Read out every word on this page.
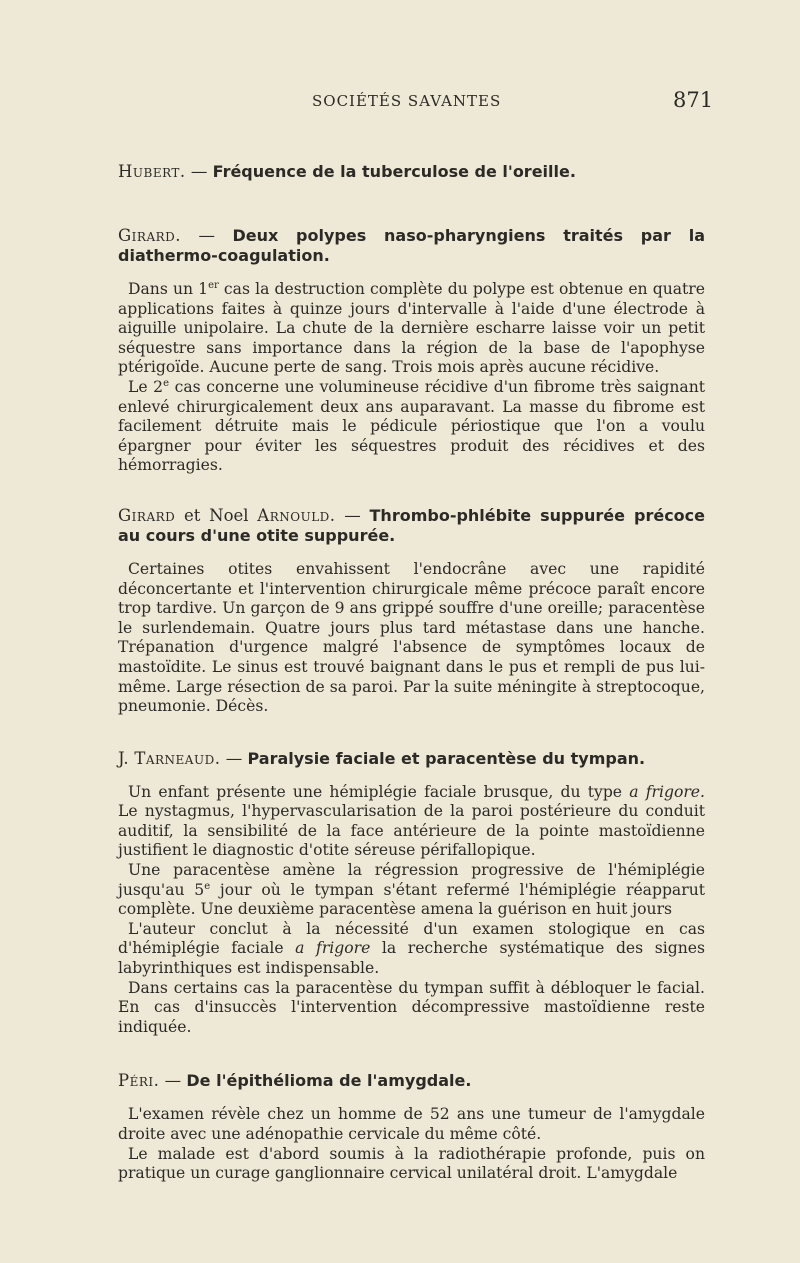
SOCIÉTÉS SAVANTES	871
Hubert. — Fréquence de la tuberculose de l'oreille.
Girard. — Deux polypes naso-pharyngiens traités par la diathermo-coagulation.

Dans un 1er cas la destruction complète du polype est obtenue en quatre applications faites à quinze jours d'intervalle à l'aide d'une électrode à aiguille unipolaire. La chute de la dernière escharre laisse voir un petit séquestre sans importance dans la région de la base de l'apophyse ptérigoïde. Aucune perte de sang. Trois mois après aucune récidive.

Le 2e cas concerne une volumineuse récidive d'un fibrome très saignant enlevé chirurgicalement deux ans auparavant. La masse du fibrome est facilement détruite mais le pédicule périostique que l'on a voulu épargner pour éviter les séquestres produit des récidives et des hémorragies.

Girard et Noel Arnould. — Thrombo-phlébite suppurée précoce au cours d'une otite suppurée.

Certaines otites envahissent l'endocrâne avec une rapidité déconcertante et l'intervention chirurgicale même précoce paraît encore trop tardive. Un garçon de 9 ans grippé souffre d'une oreille; paracentèse le surlendemain. Quatre jours plus tard métastase dans une hanche. Trépanation d'urgence malgré l'absence de symptômes locaux de mastoïdite. Le sinus est trouvé baignant dans le pus et rempli de pus lui-même. Large résection de sa paroi. Par la suite méningite à streptocoque, pneumonie. Décès.

J. Tarneaud. — Paralysie faciale et paracentèse du tympan.

Un enfant présente une hémiplégie faciale brusque, du type a frigore. Le nystagmus, l'hypervascularisation de la paroi postérieure du conduit auditif, la sensibilité de la face antérieure de la pointe mastoïdienne justifient le diagnostic d'otite séreuse périfallopique.

Une paracentèse amène la régression progressive de l'hémiplégie jusqu'au 5e jour où le tympan s'étant refermé l'hémiplégie réapparut complète. Une deuxième paracentèse amena la guérison en huit jours

L'auteur conclut à la nécessité d'un examen stologique en cas d'hémiplégie faciale a frigore la recherche systématique des signes labyrinthiques est indispensable.

Dans certains cas la paracentèse du tympan suffit à débloquer le facial. En cas d'insuccès l'intervention décompressive mastoïdienne reste indiquée.

Péri. — De l'épithélioma de l'amygdale.

L'examen révèle chez un homme de 52 ans une tumeur de l'amygdale droite avec une adénopathie cervicale du même côté.

Le malade est d'abord soumis à la radiothérapie profonde, puis on pratique un curage ganglionnaire cervical unilatéral droit. L'amygdale
